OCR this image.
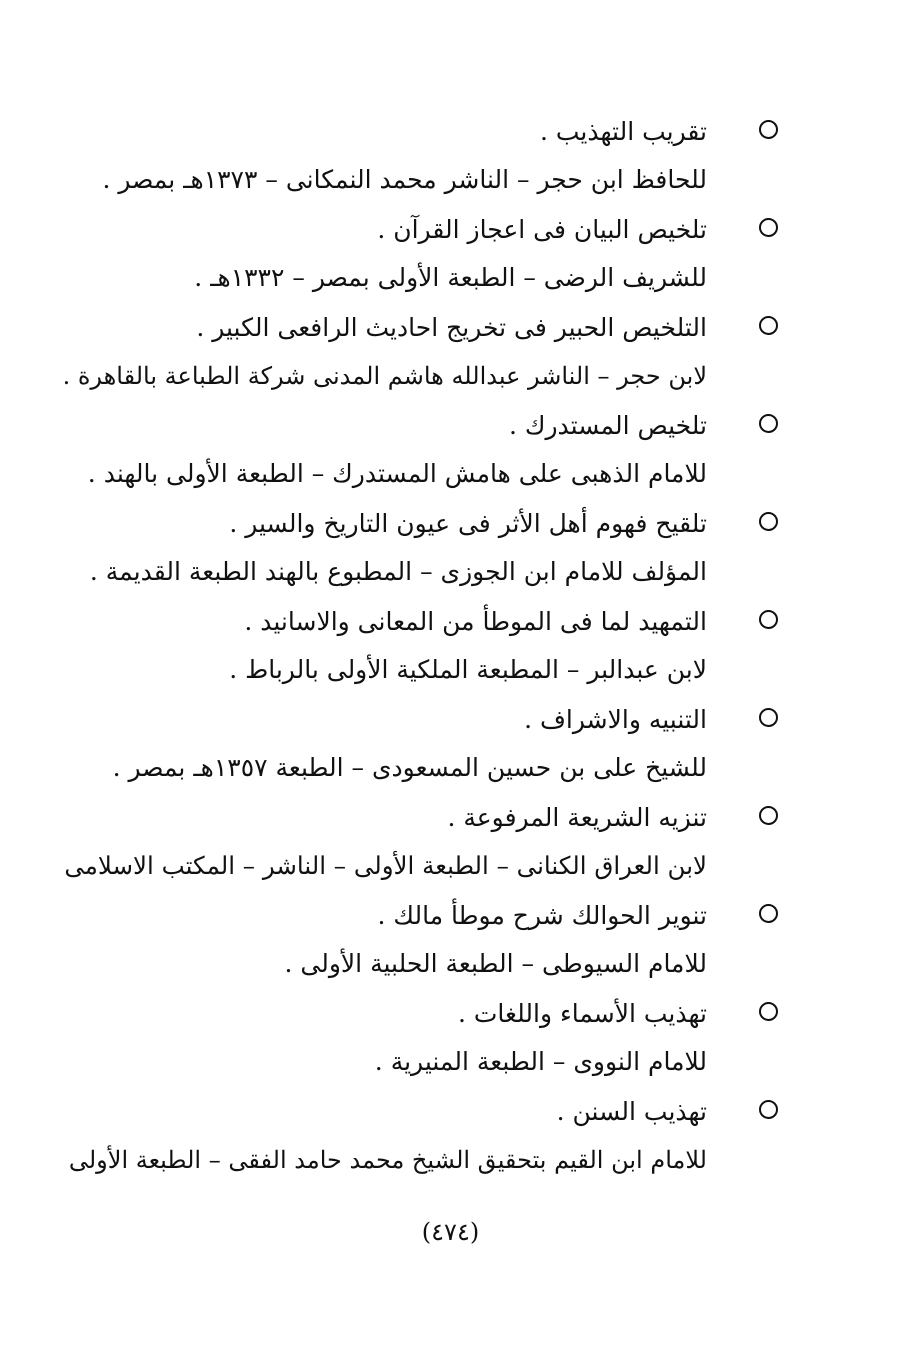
تقريب التهذيب .
للحافظ ابن حجر – الناشر محمد النمكانى – ١٣٧٣هـ بمصر .
تلخيص البيان فى اعجاز القرآن .
للشريف الرضى – الطبعة الأولى بمصر – ١٣٣٢هـ .
التلخيص الحبير فى تخريج احاديث الرافعى الكبير .
لابن حجر – الناشر عبدالله هاشم المدنى شركة الطباعة بالقاهرة .
تلخيص المستدرك .
للامام الذهبى على هامش المستدرك – الطبعة الأولى بالهند .
تلقيح فهوم أهل الأثر فى عيون التاريخ والسير .
المؤلف للامام ابن الجوزى – المطبوع بالهند الطبعة القديمة .
التمهيد لما فى الموطأ من المعانى والاسانيد .
لابن عبدالبر – المطبعة الملكية الأولى بالرباط .
التنبيه والاشراف .
للشيخ على بن حسين المسعودى – الطبعة ١٣٥٧هـ بمصر .
تنزيه الشريعة المرفوعة .
لابن العراق الكنانى – الطبعة الأولى – الناشر – المكتب الاسلامى
تنوير الحوالك شرح موطأ مالك .
للامام السيوطى – الطبعة الحلبية الأولى .
تهذيب الأسماء واللغات .
للامام النووى – الطبعة المنيرية .
تهذيب السنن .
للامام ابن القيم بتحقيق الشيخ محمد حامد الفقى – الطبعة الأولى
(٤٧٤)
